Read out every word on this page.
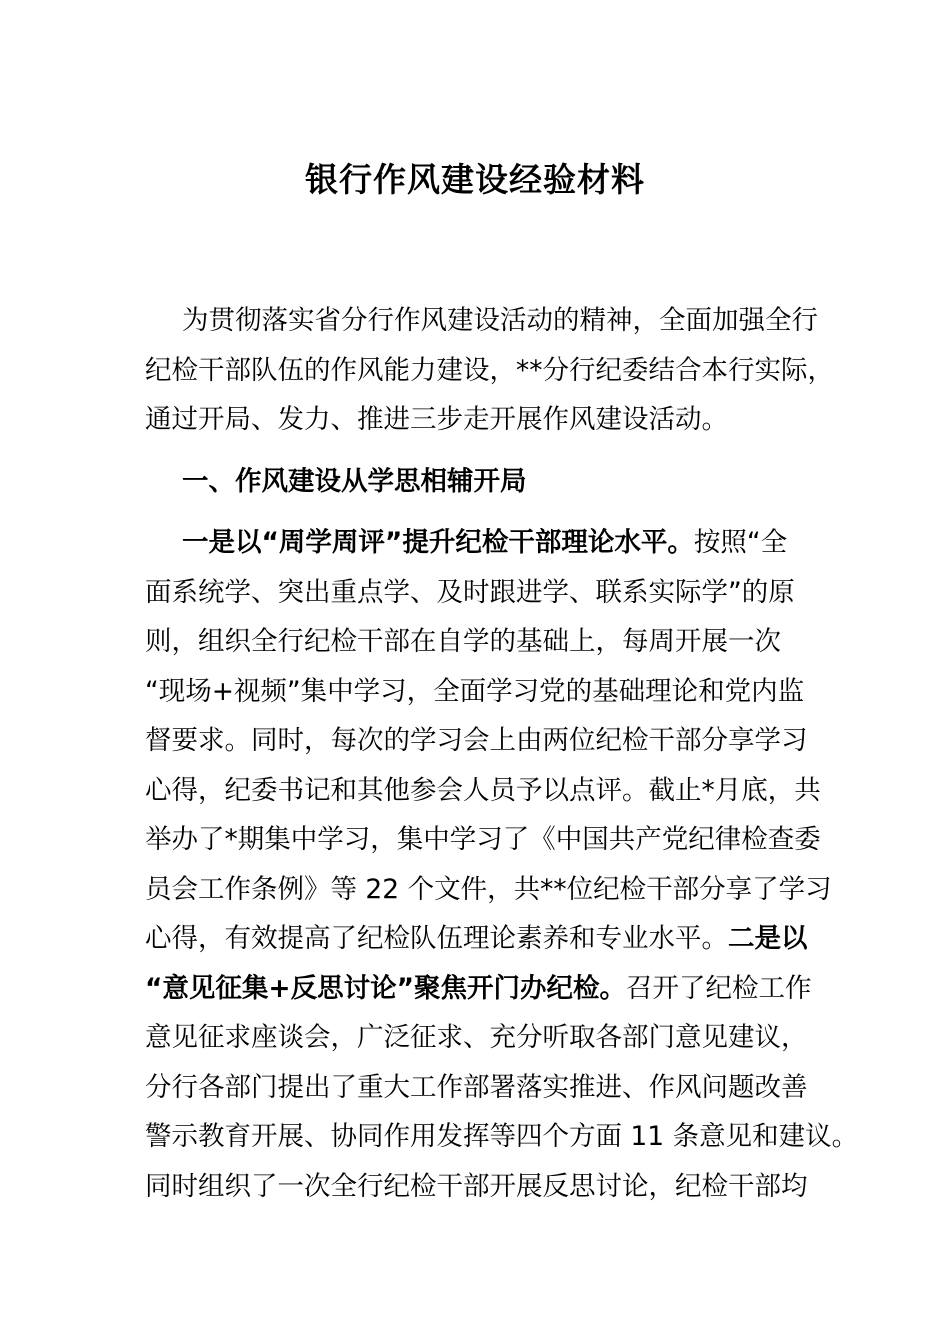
银行作风建设经验材料
为贯彻落实省分行作风建设活动的精神，全面加强全行
纪检干部队伍的作风能力建设，**分行纪委结合本行实际，
通过开局、发力、推进三步走开展作风建设活动。
一、作风建设从学思相辅开局
一是以“周学周评”提升纪检干部理论水平。按照“全
面系统学、突出重点学、及时跟进学、联系实际学”的原
则，组织全行纪检干部在自学的基础上，每周开展一次
“现场+视频”集中学习，全面学习党的基础理论和党内监
督要求。同时，每次的学习会上由两位纪检干部分享学习
心得，纪委书记和其他参会人员予以点评。截止*月底，共
举办了*期集中学习，集中学习了《中国共产党纪律检查委
员会工作条例》等 22 个文件，共**位纪检干部分享了学习
心得，有效提高了纪检队伍理论素养和专业水平。二是以
“意见征集+反思讨论”聚焦开门办纪检。召开了纪检工作
意见征求座谈会，广泛征求、充分听取各部门意见建议，
分行各部门提出了重大工作部署落实推进、作风问题改善
警示教育开展、协同作用发挥等四个方面 11 条意见和建议。
同时组织了一次全行纪检干部开展反思讨论，纪检干部均
